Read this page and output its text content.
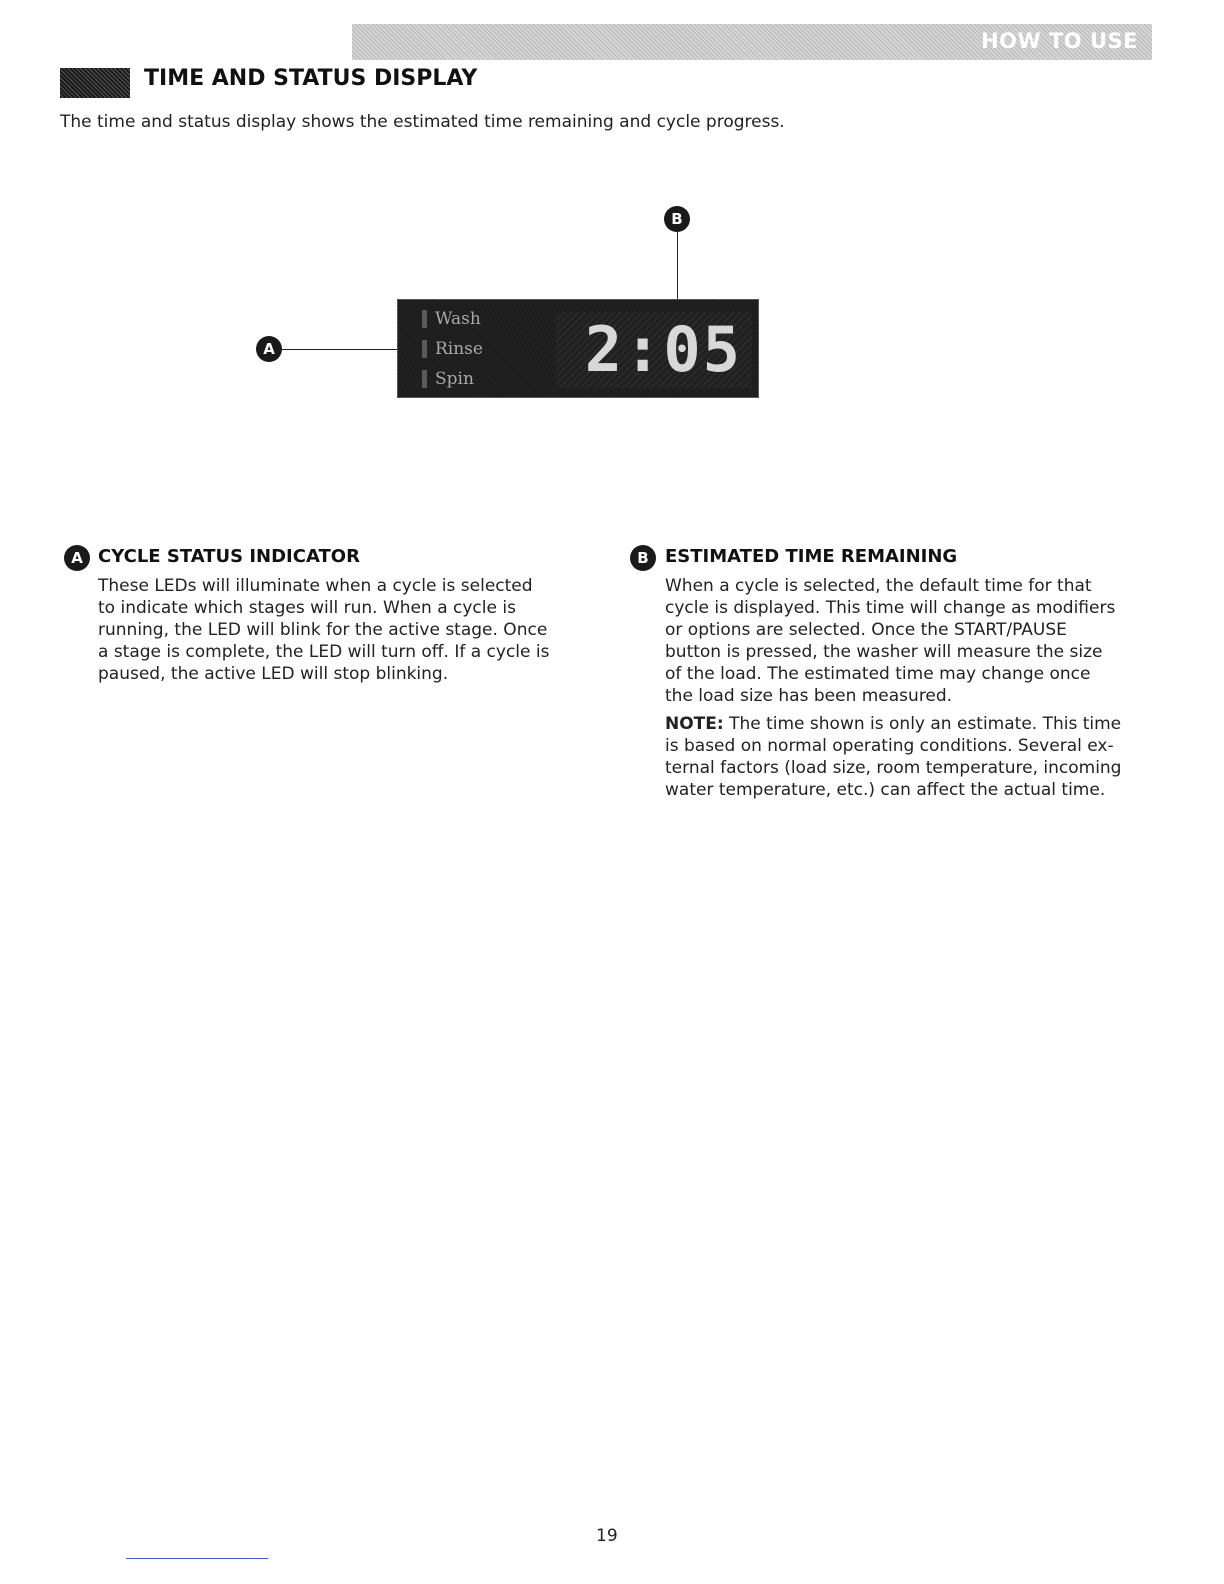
HOW TO USE
TIME AND STATUS DISPLAY

The time and status display shows the estimated time remaining and cycle progress.

B
A
Wash
Rinse
Spin 2:05
A CYCLE STATUS INDICATOR
These LEDs will illuminate when a cycle is selected
to indicate which stages will run. When a cycle is
running, the LED will blink for the active stage. Once
a stage is complete, the LED will turn off. If a cycle is
paused, the active LED will stop blinking.
B ESTIMATED TIME REMAINING
When a cycle is selected, the default time for that
cycle is displayed. This time will change as modifiers
or options are selected. Once the START/PAUSE
button is pressed, the washer will measure the size
of the load. The estimated time may change once
the load size has been measured.
NOTE: The time shown is only an estimate. This time
is based on normal operating conditions. Several ex-
ternal factors (load size, room temperature, incoming
water temperature, etc.) can affect the actual time.
19
